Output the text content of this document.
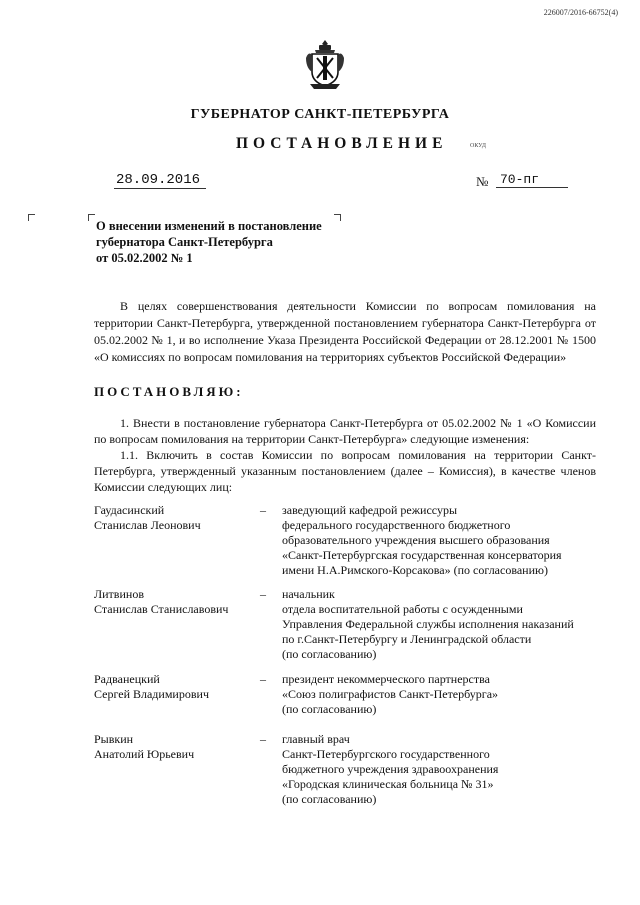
226007/2016-66752(4)
ГУБЕРНАТОР САНКТ-ПЕТЕРБУРГА
ПОСТАНОВЛЕНИЕ	ОКУД
28.09.2016	№ 70-пг
О внесении изменений в постановление
губернатора Санкт-Петербурга
от 05.02.2002 № 1
В целях совершенствования деятельности Комиссии по вопросам помилования на территории Санкт-Петербурга, утвержденной постановлением губернатора Санкт-Петербурга от 05.02.2002 № 1, и во исполнение Указа Президента Российской Федерации от 28.12.2001 № 1500 «О комиссиях по вопросам помилования на территориях субъектов Российской Федерации»
ПОСТАНОВЛЯЮ:
1. Внести в постановление губернатора Санкт-Петербурга от 05.02.2002 № 1 «О Комиссии по вопросам помилования на территории Санкт-Петербурга» следующие изменения:
1.1. Включить в состав Комиссии по вопросам помилования на территории Санкт-Петербурга, утвержденный указанным постановлением (далее – Комиссия), в качестве членов Комиссии следующих лиц:
Гаудасинский
Станислав Леонович
–	заведующий кафедрой режиссуры
федерального государственного бюджетного
образовательного учреждения высшего образования
«Санкт-Петербургская государственная консерватория
имени Н.А.Римского-Корсакова» (по согласованию)
Литвинов
Станислав Станиславович
–	начальник
отдела воспитательной работы с осужденными
Управления Федеральной службы исполнения наказаний
по г.Санкт-Петербургу и Ленинградской области
(по согласованию)
Радванецкий
Сергей Владимирович
–	президент некоммерческого партнерства
«Союз полиграфистов Санкт-Петербурга»
(по согласованию)
Рывкин
Анатолий Юрьевич
–	главный врач
Санкт-Петербургского государственного
бюджетного учреждения здравоохранения
«Городская клиническая больница № 31»
(по согласованию)
